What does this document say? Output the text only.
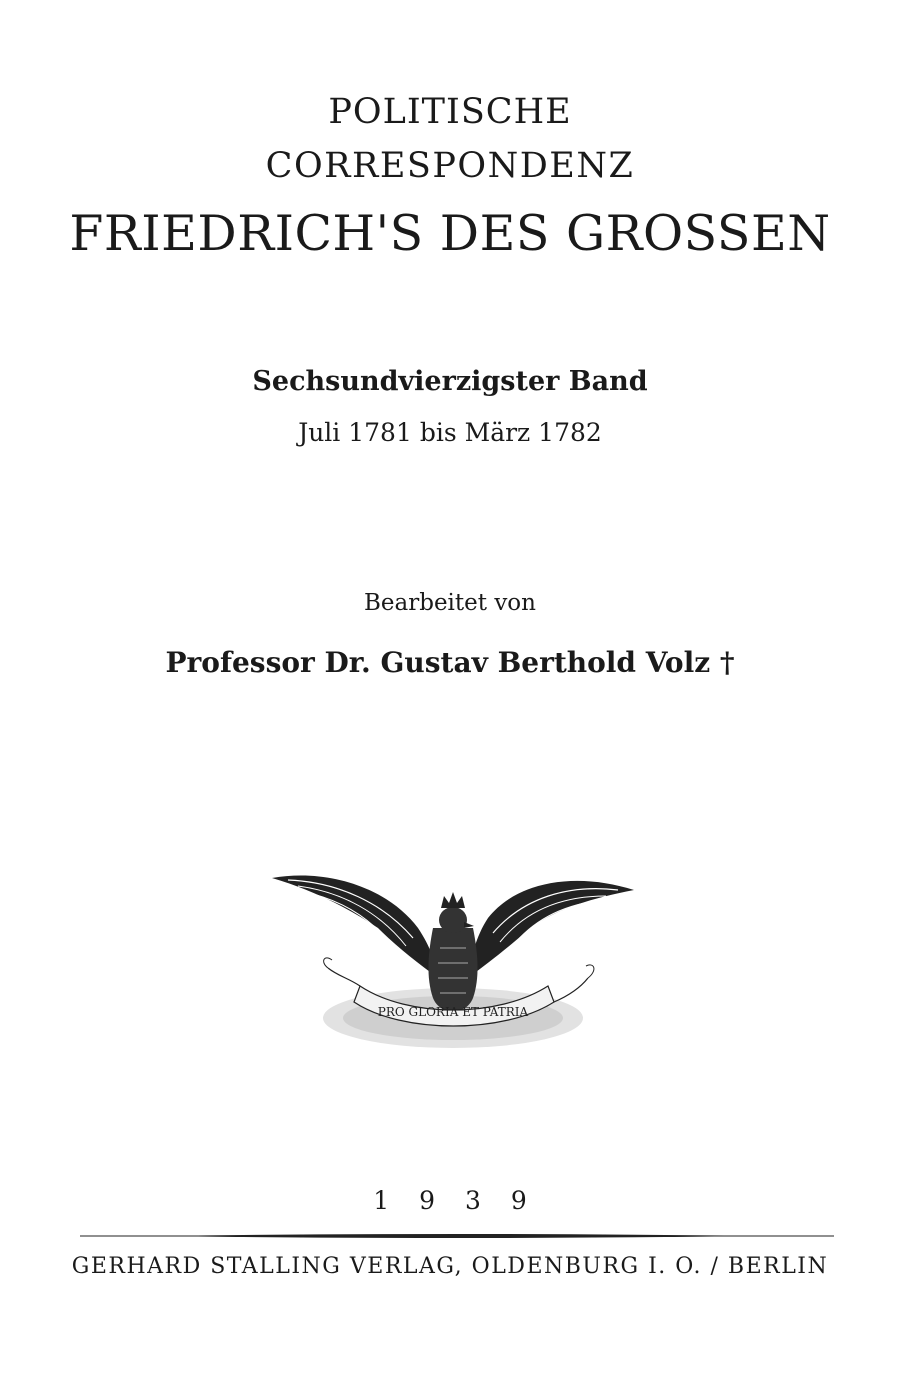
POLITISCHE
CORRESPONDENZ
FRIEDRICH'S DES GROSSEN
Sechsundvierzigster Band
Juli 1781 bis März 1782
Bearbeitet von
Professor Dr. Gustav Berthold Volz †
PRO GLORIA ET PATRIA
1939
GERHARD STALLING VERLAG, OLDENBURG I. O. / BERLIN
